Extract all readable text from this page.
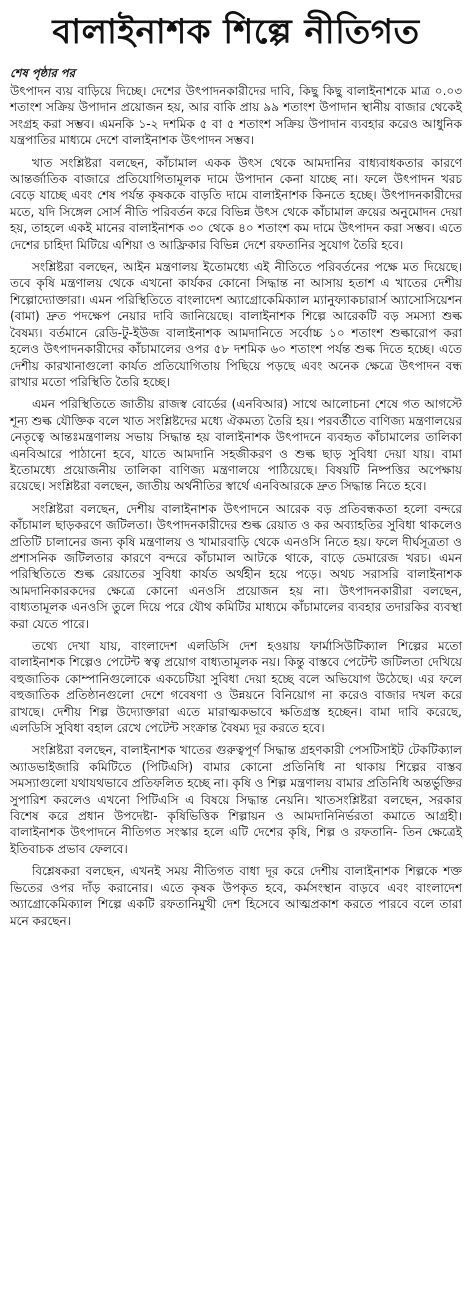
বালাইনাশক শিল্পে নীতিগত
শেষ পৃষ্ঠার পর

উৎপাদন ব্যয় বাড়িয়ে দিচ্ছে। দেশের উৎপাদনকারীদের দাবি, কিছু কিছু বালাইনাশকে মাত্র ০.০৩ শতাংশ সক্রিয় উপাদান প্রয়োজন হয়, আর বাকি প্রায় ৯৯ শতাংশ উপাদান স্থানীয় বাজার থেকেই সংগ্রহ করা সম্ভব। এমনকি ১-২ দশমিক ৫ বা ৫ শতাংশ সক্রিয় উপাদান ব্যবহার করেও আধুনিক যন্ত্রপাতির মাধ্যমে দেশে বালাইনাশক উৎপাদন সম্ভব।

খাত সংশ্লিষ্টরা বলছেন, কাঁচামাল একক উৎস থেকে আমদানির বাধ্যবাধকতার কারণে আন্তর্জাতিক বাজারে প্রতিযোগিতামূলক দামে উপাদান কেনা যাচ্ছে না। ফলে উৎপাদন খরচ বেড়ে যাচ্ছে এবং শেষ পর্যন্ত কৃষককে বাড়তি দামে বালাইনাশক কিনতে হচ্ছে। উৎপাদনকারীদের মতে, যদি সিঙ্গেল সোর্স নীতি পরিবর্তন করে বিভিন্ন উৎস থেকে কাঁচামাল ক্রয়ের অনুমোদন দেয়া হয়, তাহলে একই মানের বালাইনাশক ৩০ থেকে ৪০ শতাংশ কম দামে উৎপাদন করা সম্ভব। এতে দেশের চাহিদা মিটিয়ে এশিয়া ও আফ্রিকার বিভিন্ন দেশে রফতানির সুযোগ তৈরি হবে।

সংশ্লিষ্টরা বলছেন, আইন মন্ত্রণালয় ইতোমধ্যে এই নীতিতে পরিবর্তনের পক্ষে মত দিয়েছে। তবে কৃষি মন্ত্রণালয় থেকে এখনো কার্যকর কোনো সিদ্ধান্ত না আসায় হতাশ এ খাতের দেশীয় শিল্পোদ্যোক্তারা। এমন পরিস্থিতিতে বাংলাদেশ অ্যাগ্রোকেমিক্যাল ম্যানুফ্যাকচারার্স অ্যাসোসিয়েশন (বামা) দ্রুত পদক্ষেপ নেয়ার দাবি জানিয়েছে। বালাইনাশক শিল্পে আরেকটি বড় সমস্যা শুল্ক বৈষম্য। বর্তমানে রেডি-টু-ইউজ বালাইনাশক আমদানিতে সর্বোচ্চ ১০ শতাংশ শুল্কারোপ করা হলেও উৎপাদনকারীদের কাঁচামালের ওপর ৫৮ দশমিক ৬০ শতাংশ পর্যন্ত শুল্ক দিতে হচ্ছে। এতে দেশীয় কারখানাগুলো কার্যত প্রতিযোগিতায় পিছিয়ে পড়ছে এবং অনেক ক্ষেত্রে উৎপাদন বন্ধ রাখার মতো পরিস্থিতি তৈরি হচ্ছে।

এমন পরিস্থিতিতে জাতীয় রাজস্ব বোর্ডের (এনবিআর) সাথে আলোচনা শেষে গত আগস্টে শূন্য শুল্ক যৌক্তিক বলে খাত সংশ্লিষ্টদের মধ্যে ঐকমত্য তৈরি হয়। পরবর্তীতে বাণিজ্য মন্ত্রণালয়ের নেতৃত্বে আন্তঃমন্ত্রণালয় সভায় সিদ্ধান্ত হয় বালাইনাশক উৎপাদনে ব্যবহৃত কাঁচামালের তালিকা এনবিআরে পাঠানো হবে, যাতে আমদানি সহজীকরণ ও শুল্ক ছাড় সুবিধা দেয়া যায়। বামা ইতোমধ্যে প্রয়োজনীয় তালিকা বাণিজ্য মন্ত্রণালয়ে পাঠিয়েছে। বিষয়টি নিষ্পত্তির অপেক্ষায় রয়েছে। সংশ্লিষ্টরা বলছেন, জাতীয় অর্থনীতির স্বার্থে এনবিআরকে দ্রুত সিদ্ধান্ত নিতে হবে।

সংশ্লিষ্টরা বলছেন, দেশীয় বালাইনাশক উৎপাদনে আরেক বড় প্রতিবন্ধকতা হলো বন্দরে কাঁচামাল ছাড়করণে জটিলতা। উৎপাদনকারীদের শুল্ক রেয়াত ও কর অব্যাহতির সুবিধা থাকলেও প্রতিটি চালানের জন্য কৃষি মন্ত্রণালয় ও খামারবাড়ি থেকে এনওসি নিতে হয়। ফলে দীর্ঘসূত্রতা ও প্রশাসনিক জটিলতার কারণে বন্দরে কাঁচামাল আটকে থাকে, বাড়ে ডেমারেজ খরচ। এমন পরিস্থিতিতে শুল্ক রেয়াতের সুবিধা কার্যত অর্থহীন হয়ে পড়ে। অথচ সরাসরি বালাইনাশক আমদানিকারকদের ক্ষেত্রে কোনো এনওসি প্রয়োজন হয় না। উৎপাদনকারীরা বলছেন, বাধ্যতামূলক এনওসি তুলে দিয়ে পরে যৌথ কমিটির মাধ্যমে কাঁচামালের ব্যবহার তদারকির ব্যবস্থা করা যেতে পারে।

তথ্যে দেখা যায়, বাংলাদেশ এলডিসি দেশ হওয়ায় ফার্মাসিউটিক্যাল শিল্পের মতো বালাইনাশক শিল্পেও পেটেন্ট স্বত্ব প্রয়োগ বাধ্যতামূলক নয়। কিন্তু বাস্তবে পেটেন্ট জটিলতা দেখিয়ে বহুজাতিক কোম্পানিগুলোকে একচেটিয়া সুবিধা দেয়া হচ্ছে বলে অভিযোগ উঠেছে। এর ফলে বহুজাতিক প্রতিষ্ঠানগুলো দেশে গবেষণা ও উন্নয়নে বিনিয়োগ না করেও বাজার দখল করে রাখছে। দেশীয় শিল্প উদ্যোক্তারা এতে মারাত্মকভাবে ক্ষতিগ্রস্ত হচ্ছেন। বামা দাবি করেছে, এলডিসি সুবিধা বহাল রেখে পেটেন্ট সংক্রান্ত বৈষম্য দূর করতে হবে।

সংশ্লিষ্টরা বলছেন, বালাইনাশক খাতের গুরুত্বপূর্ণ সিদ্ধান্ত গ্রহণকারী পেসটিসাইট টেকটিক্যাল অ্যাডভাইজারি কমিটিতে (পিটিএসি) বামার কোনো প্রতিনিধি না থাকায় শিল্পের বাস্তব সমস্যাগুলো যথাযথভাবে প্রতিফলিত হচ্ছে না। কৃষি ও শিল্প মন্ত্রণালয় বামার প্রতিনিধি অন্তর্ভুক্তির সুপারিশ করলেও এখনো পিটিএসি এ বিষয়ে সিদ্ধান্ত নেয়নি। খাতসংশ্লিষ্টরা বলছেন, সরকার বিশেষ করে প্রধান উপদেষ্টা- কৃষিভিত্তিক শিল্পায়ন ও আমদানিনির্ভরতা কমাতে আগ্রহী। বালাইনাশক উৎপাদনে নীতিগত সংস্কার হলে এটি দেশের কৃষি, শিল্প ও রফতানি- তিন ক্ষেত্রেই ইতিবাচক প্রভাব ফেলবে।

বিশ্লেষকরা বলছেন, এখনই সময় নীতিগত বাধা দূর করে দেশীয় বালাইনাশক শিল্পকে শক্ত ভিতের ওপর দাঁড় করানোর। এতে কৃষক উপকৃত হবে, কর্মসংস্থান বাড়বে এবং বাংলাদেশ অ্যাগ্রোকেমিক্যাল শিল্পে একটি রফতানিমুখী দেশ হিসেবে আত্মপ্রকাশ করতে পারবে বলে তারা মনে করছেন।
